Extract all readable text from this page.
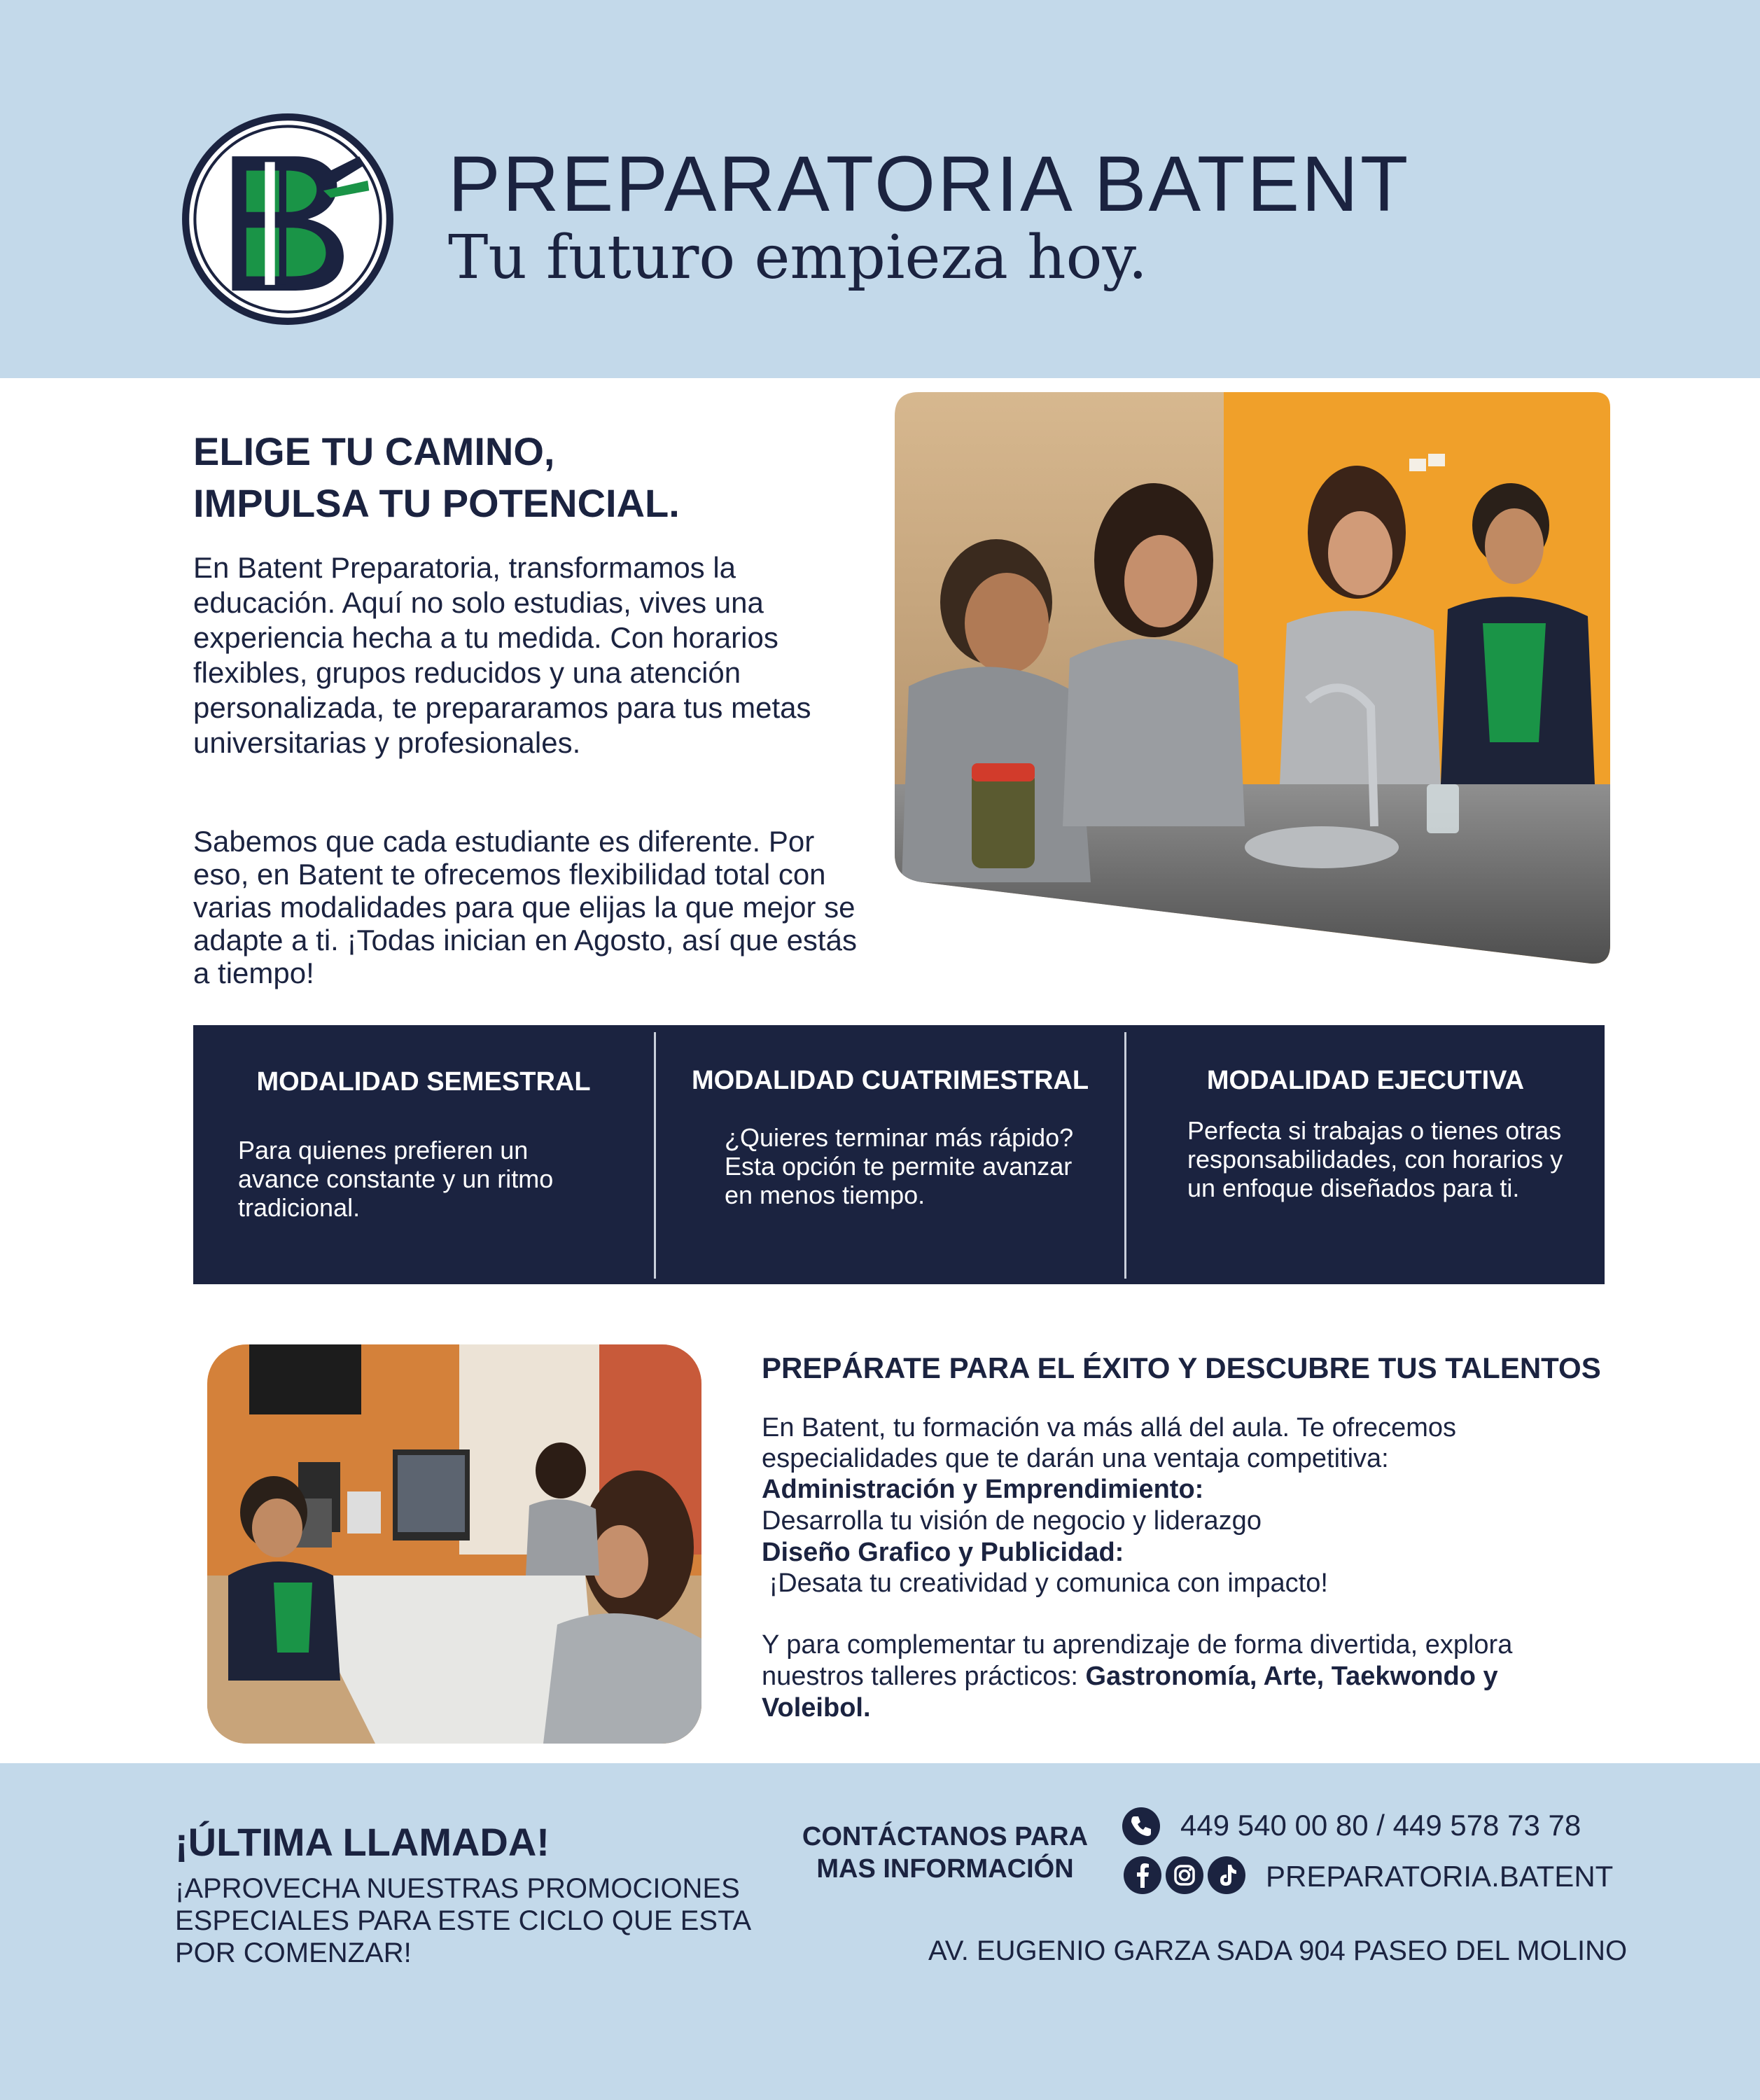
PREPARATORIA BATENT
Tu futuro empieza hoy.
ELIGE TU CAMINO,
IMPULSA TU POTENCIAL.
En Batent Preparatoria, transformamos la educación. Aquí no solo estudias, vives una experiencia hecha a tu medida. Con horarios flexibles, grupos reducidos y una atención personalizada, te prepararamos para tus metas universitarias y profesionales.
Sabemos que cada estudiante es diferente. Por eso, en Batent te ofrecemos flexibilidad total con varias modalidades para que elijas la que mejor se adapte a ti. ¡Todas inician en Agosto, así que estás a tiempo!
MODALIDAD SEMESTRAL
Para quienes prefieren un avance constante y un ritmo tradicional.
MODALIDAD CUATRIMESTRAL
¿Quieres terminar más rápido? Esta opción te permite avanzar en menos tiempo.
MODALIDAD EJECUTIVA
Perfecta si trabajas o tienes otras responsabilidades, con horarios y un enfoque diseñados para ti.
PREPÁRATE PARA EL ÉXITO Y DESCUBRE TUS TALENTOS
En Batent, tu formación va más allá del aula. Te ofrecemos
especialidades que te darán una ventaja competitiva:
Administración y Emprendimiento:
Desarrolla tu visión de negocio y liderazgo
Diseño Grafico y Publicidad:
¡Desata tu creatividad y comunica con impacto!
Y para complementar tu aprendizaje de forma divertida, explora
nuestros talleres prácticos: Gastronomía, Arte, Taekwondo y
Voleibol.
¡ÚLTIMA LLAMADA!
¡APROVECHA NUESTRAS PROMOCIONES ESPECIALES PARA ESTE CICLO QUE ESTA POR COMENZAR!
CONTÁCTANOS PARA
MAS INFORMACIÓN
449 540 00 80 / 449 578 73 78
PREPARATORIA.BATENT
AV. EUGENIO GARZA SADA 904 PASEO DEL MOLINO
